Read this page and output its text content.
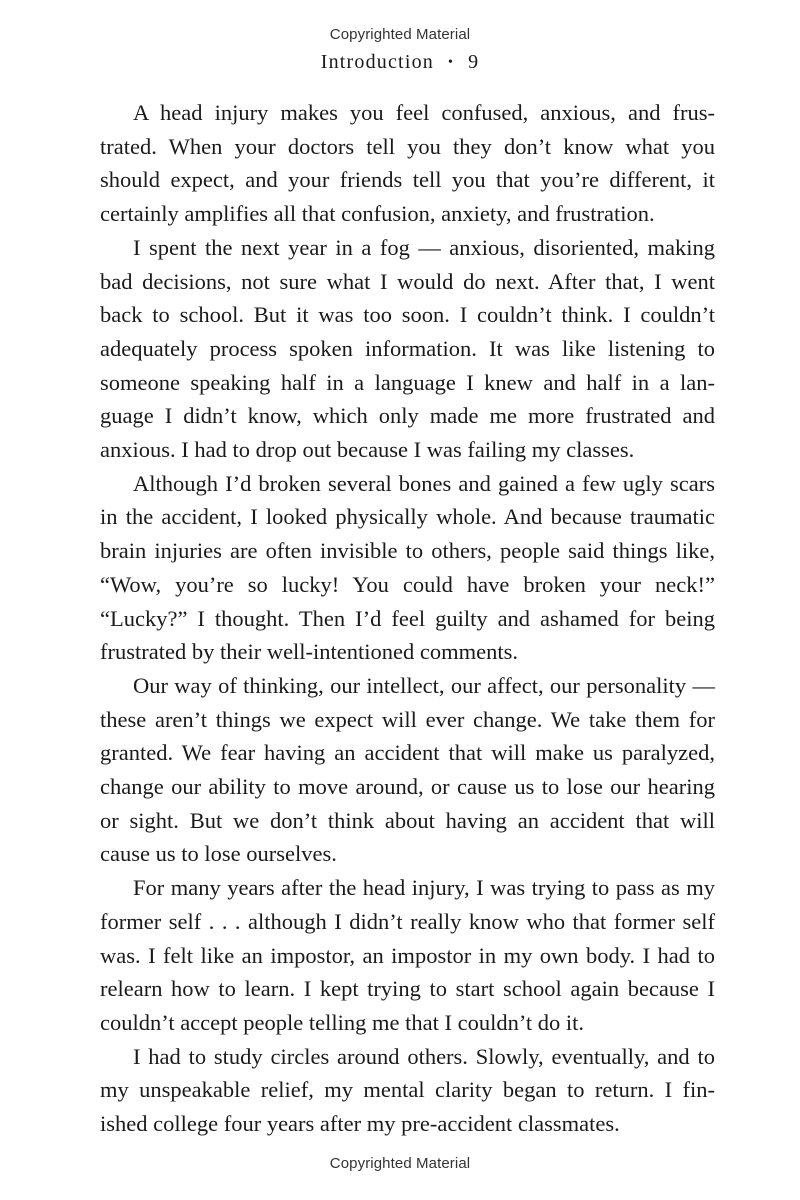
Copyrighted Material
Introduction • 9

A head injury makes you feel confused, anxious, and frus-
trated. When your doctors tell you they don’t know what you
should expect, and your friends tell you that you’re different, it
certainly amplifies all that confusion, anxiety, and frustration.

I spent the next year in a fog — anxious, disoriented, making
bad decisions, not sure what I would do next. After that, I went
back to school. But it was too soon. I couldn’t think. I couldn’t
adequately process spoken information. It was like listening to
someone speaking half in a language I knew and half in a lan-
guage I didn’t know, which only made me more frustrated and
anxious. I had to drop out because I was failing my classes.

Although I’d broken several bones and gained a few ugly scars
in the accident, I looked physically whole. And because traumatic
brain injuries are often invisible to others, people said things like,
“Wow, you’re so lucky! You could have broken your neck!”
“Lucky?” I thought. Then I’d feel guilty and ashamed for being
frustrated by their well-intentioned comments.

Our way of thinking, our intellect, our affect, our personality —
these aren’t things we expect will ever change. We take them for
granted. We fear having an accident that will make us paralyzed,
change our ability to move around, or cause us to lose our hearing
or sight. But we don’t think about having an accident that will
cause us to lose ourselves.

For many years after the head injury, I was trying to pass as my
former self . . . although I didn’t really know who that former self
was. I felt like an impostor, an impostor in my own body. I had to
relearn how to learn. I kept trying to start school again because I
couldn’t accept people telling me that I couldn’t do it.

I had to study circles around others. Slowly, eventually, and to
my unspeakable relief, my mental clarity began to return. I fin-
ished college four years after my pre-accident classmates.

Copyrighted Material
